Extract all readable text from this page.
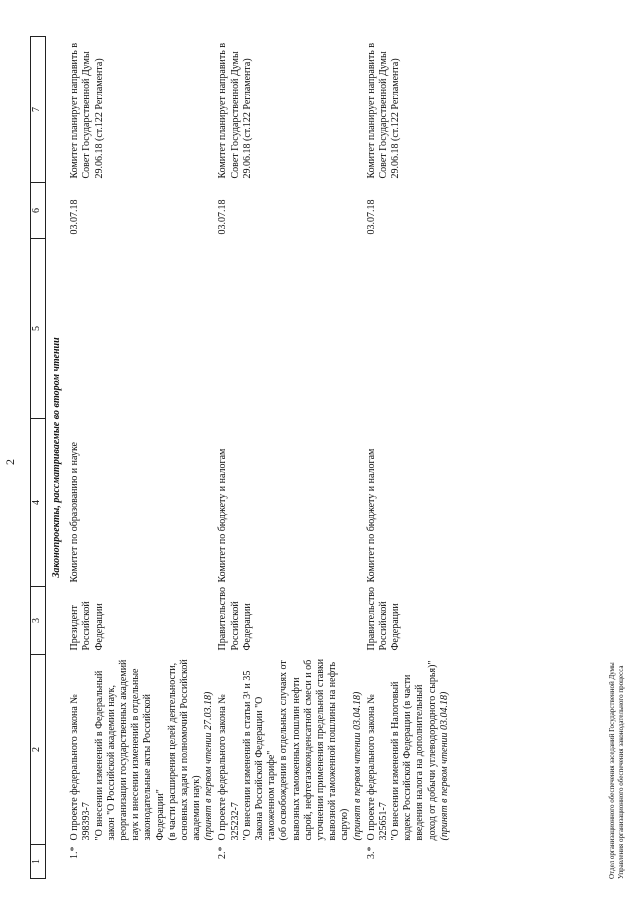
2
1	2	3	4	5	6	7
Законопроекты, рассматриваемые во втором чтении						
1.*	О проекте федерального закона № 398393-7 "О внесении изменений в Федеральный закон "О Российской академии наук, реорганизации государственных академий наук и внесении изменений в отдельные законодательные акты Российской Федерации" (в части расширения целей деятельности, основных задач и полномочий Российской академии наук) (принят в первом чтении 27.03.18)	Президент Российской Федерации	Комитет по образованию и науке		03.07.18	Комитет планирует направить в Совет Государственной Думы 29.06.18 (ст.122 Регламента)
2.*	О проекте федерального закона № 325232-7 "О внесении изменений в статьи 3¹ и 35 Закона Российской Федерации "О таможенном тарифе" (об освобождении в отдельных случаях от вывозных таможенных пошлин нефти сырой, нефтегазоконденсатной смеси и об уточнении применения предельной ставки вывозной таможенной пошлины на нефть сырую) (принят в первом чтении 03.04.18)	Правительство Российской Федерации	Комитет по бюджету и налогам		03.07.18	Комитет планирует направить в Совет Государственной Думы 29.06.18 (ст.122 Регламента)
3.*	О проекте федерального закона № 325651-7 "О внесении изменений в Налоговый кодекс Российской Федерации (в части введения налога на дополнительный доход от добычи углеводородного сырья)" (принят в первом чтении 03.04.18)	Правительство Российской Федерации	Комитет по бюджету и налогам		03.07.18	Комитет планирует направить в Совет Государственной Думы 29.06.18 (ст.122 Регламента)
Отдел организационного обеспечения заседаний Государственной Думы Управления организационного обеспечения законодательного процесса
